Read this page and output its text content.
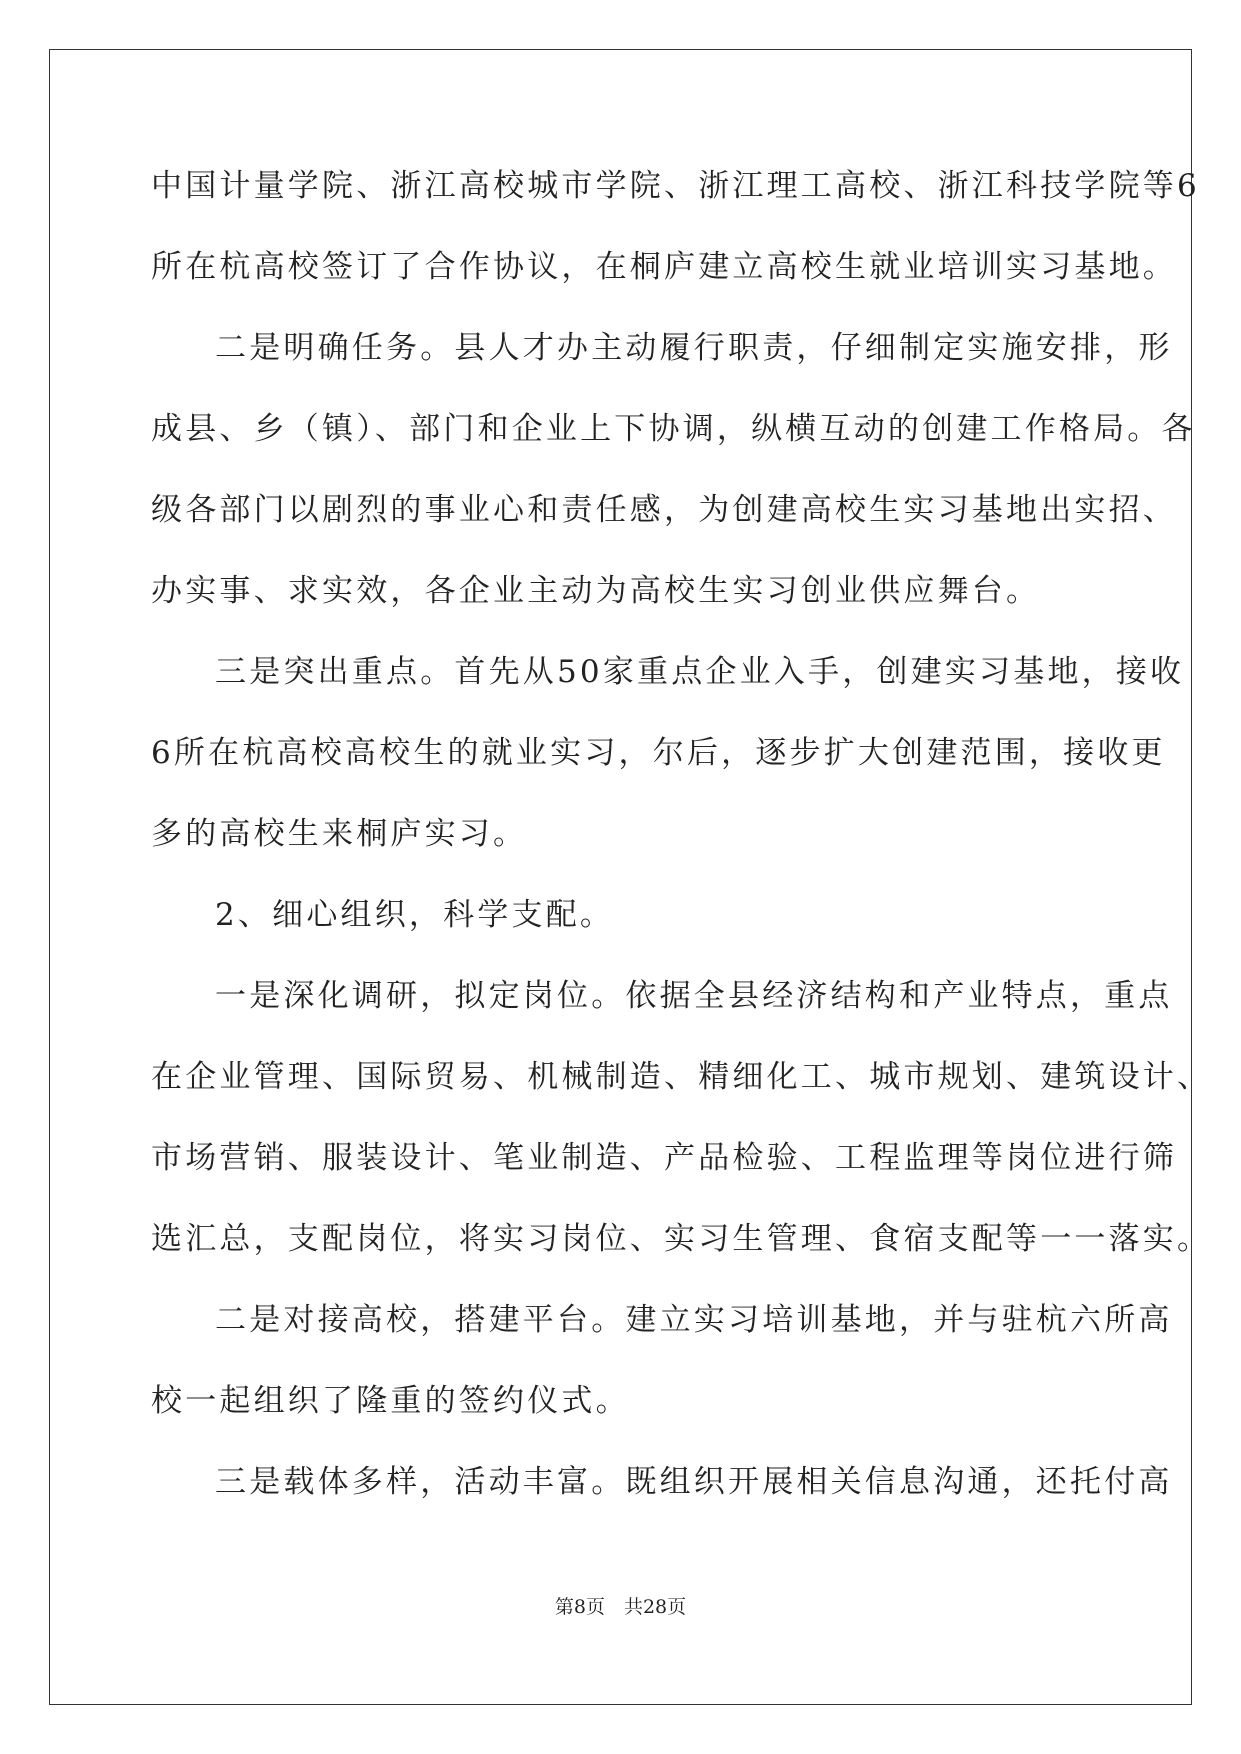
中国计量学院、浙江高校城市学院、浙江理工高校、浙江科技学院等6
所在杭高校签订了合作协议，在桐庐建立高校生就业培训实习基地。
二是明确任务。县人才办主动履行职责，仔细制定实施安排，形
成县、乡（镇）、部门和企业上下协调，纵横互动的创建工作格局。各
级各部门以剧烈的事业心和责任感，为创建高校生实习基地出实招、
办实事、求实效，各企业主动为高校生实习创业供应舞台。
三是突出重点。首先从50家重点企业入手，创建实习基地，接收
6所在杭高校高校生的就业实习，尔后，逐步扩大创建范围，接收更
多的高校生来桐庐实习。
2、细心组织，科学支配。
一是深化调研，拟定岗位。依据全县经济结构和产业特点，重点
在企业管理、国际贸易、机械制造、精细化工、城市规划、建筑设计、
市场营销、服装设计、笔业制造、产品检验、工程监理等岗位进行筛
选汇总，支配岗位，将实习岗位、实习生管理、食宿支配等一一落实。
二是对接高校，搭建平台。建立实习培训基地，并与驻杭六所高
校一起组织了隆重的签约仪式。
三是载体多样，活动丰富。既组织开展相关信息沟通，还托付高
第8页　共28页
